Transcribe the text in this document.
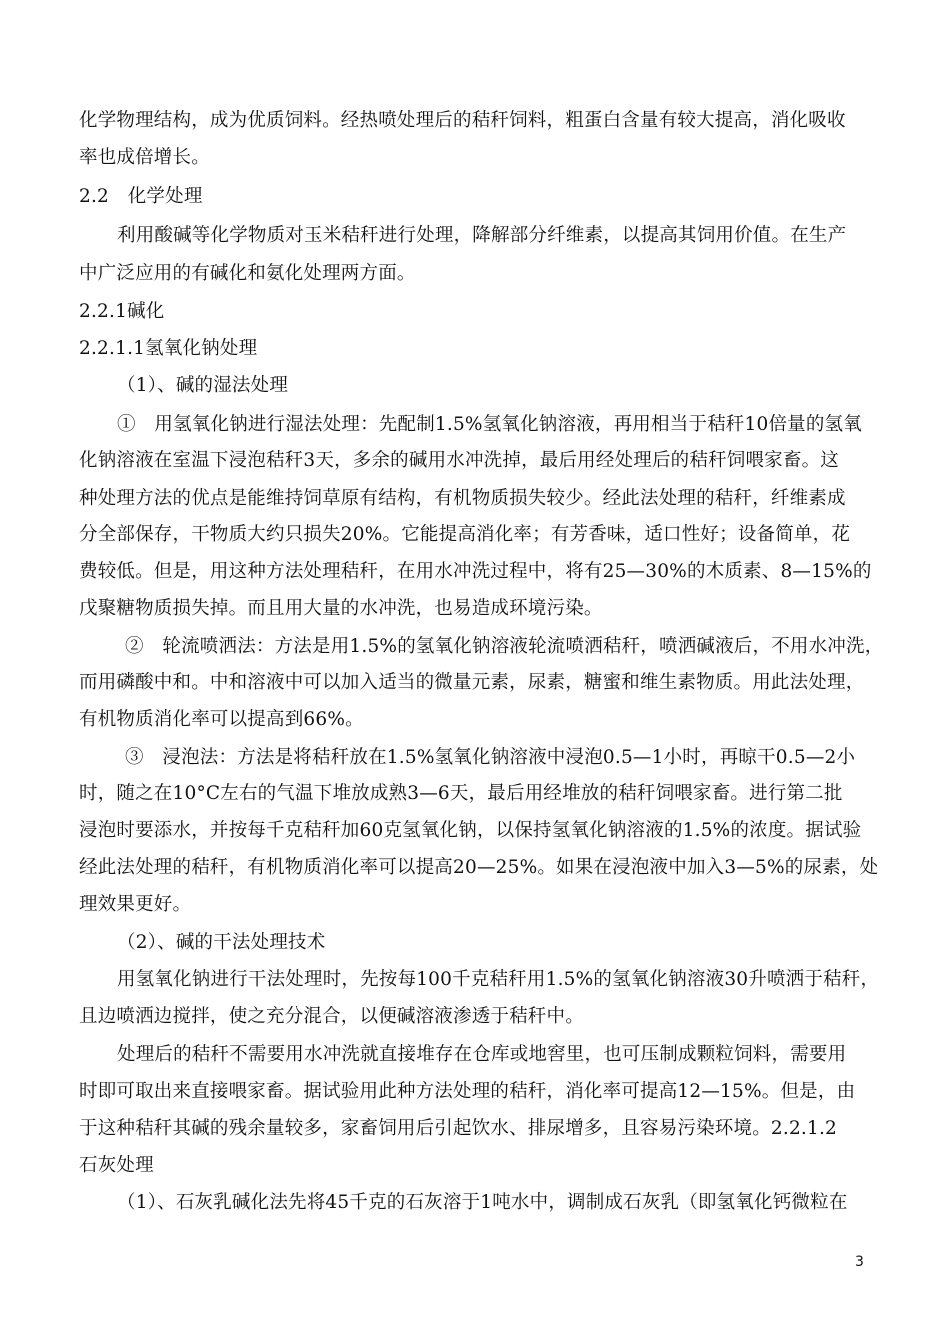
化学物理结构，成为优质饲料。经热喷处理后的秸秆饲料，粗蛋白含量有较大提高，消化吸收
率也成倍增长。
2.2　化学处理
利用酸碱等化学物质对玉米秸秆进行处理，降解部分纤维素，以提高其饲用价值。在生产
中广泛应用的有碱化和氨化处理两方面。
2.2.1碱化
2.2.1.1氢氧化钠处理
（1）、碱的湿法处理
①　用氢氧化钠进行湿法处理：先配制1.5%氢氧化钠溶液，再用相当于秸秆10倍量的氢氧
化钠溶液在室温下浸泡秸秆3天，多余的碱用水冲洗掉，最后用经处理后的秸秆饲喂家畜。这
种处理方法的优点是能维持饲草原有结构，有机物质损失较少。经此法处理的秸秆，纤维素成
分全部保存，干物质大约只损失20%。它能提高消化率；有芳香味，适口性好；设备简单，花
费较低。但是，用这种方法处理秸秆，在用水冲洗过程中，将有25—30%的木质素、8—15%的
戊聚糖物质损失掉。而且用大量的水冲洗，也易造成环境污染。
②　轮流喷洒法：方法是用1.5%的氢氧化钠溶液轮流喷洒秸秆，喷洒碱液后，不用水冲洗，
而用磷酸中和。中和溶液中可以加入适当的微量元素，尿素，糖蜜和维生素物质。用此法处理，
有机物质消化率可以提高到66%。
③　浸泡法：方法是将秸秆放在1.5%氢氧化钠溶液中浸泡0.5—1小时，再晾干0.5—2小
时，随之在10°C左右的气温下堆放成熟3—6天，最后用经堆放的秸秆饲喂家畜。进行第二批
浸泡时要添水，并按每千克秸秆加60克氢氧化钠，以保持氢氧化钠溶液的1.5%的浓度。据试验
经此法处理的秸秆，有机物质消化率可以提高20—25%。如果在浸泡液中加入3—5%的尿素，处
理效果更好。
（2）、碱的干法处理技术
用氢氧化钠进行干法处理时，先按每100千克秸秆用1.5%的氢氧化钠溶液30升喷洒于秸秆，
且边喷洒边搅拌，使之充分混合，以便碱溶液渗透于秸秆中。
处理后的秸秆不需要用水冲洗就直接堆存在仓库或地窖里，也可压制成颗粒饲料，需要用
时即可取出来直接喂家畜。据试验用此种方法处理的秸秆，消化率可提高12—15%。但是，由
于这种秸秆其碱的残余量较多，家畜饲用后引起饮水、排尿增多，且容易污染环境。2.2.1.2
石灰处理
（1）、石灰乳碱化法先将45千克的石灰溶于1吨水中，调制成石灰乳（即氢氧化钙微粒在
3
